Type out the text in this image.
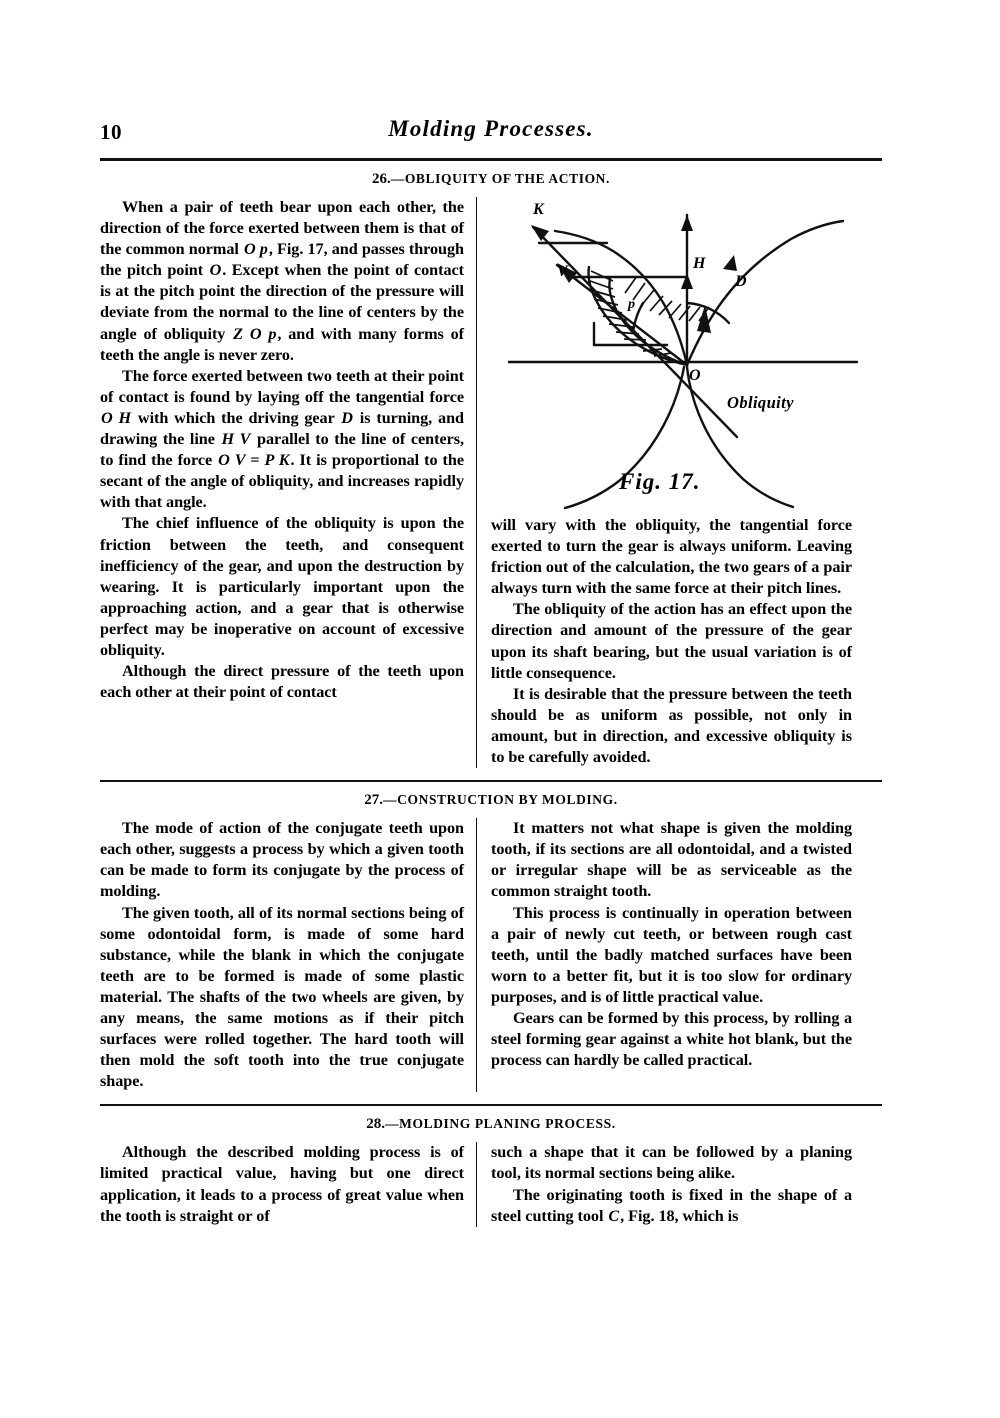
10	Molding Processes.
26.—OBLIQUITY OF THE ACTION.

When a pair of teeth bear upon each other, the direction of the force exerted between them is that of the common normal O p, Fig. 17, and passes through the pitch point O. Except when the point of contact is at the pitch point the direction of the pressure will deviate from the normal to the line of centers by the angle of obliquity Z O p, and with many forms of teeth the angle is never zero.

The force exerted between two teeth at their point of contact is found by laying off the tangential force O H with which the driving gear D is turning, and drawing the line H V parallel to the line of centers, to find the force O V = P K. It is proportional to the secant of the angle of obliquity, and increases rapidly with that angle.

The chief influence of the obliquity is upon the friction between the teeth, and consequent inefficiency of the gear, and upon the destruction by wearing. It is particularly important upon the approaching action, and a gear that is otherwise perfect may be inoperative on account of excessive obliquity.

Although the direct pressure of the teeth upon each other at their point of contact

K
V	H
D
O
p
Obliquity
Fig. 17.

will vary with the obliquity, the tangential force exerted to turn the gear is always uniform. Leaving friction out of the calculation, the two gears of a pair always turn with the same force at their pitch lines.

The obliquity of the action has an effect upon the direction and amount of the pressure of the gear upon its shaft bearing, but the usual variation is of little consequence.

It is desirable that the pressure between the teeth should be as uniform as possible, not only in amount, but in direction, and excessive obliquity is to be carefully avoided.

27.—CONSTRUCTION BY MOLDING.

The mode of action of the conjugate teeth upon each other, suggests a process by which a given tooth can be made to form its conjugate by the process of molding.

The given tooth, all of its normal sections being of some odontoidal form, is made of some hard substance, while the blank in which the conjugate teeth are to be formed is made of some plastic material. The shafts of the two wheels are given, by any means, the same motions as if their pitch surfaces were rolled together. The hard tooth will then mold the soft tooth into the true conjugate shape.

It matters not what shape is given the molding tooth, if its sections are all odontoidal, and a twisted or irregular shape will be as serviceable as the common straight tooth.

This process is continually in operation between a pair of newly cut teeth, or between rough cast teeth, until the badly matched surfaces have been worn to a better fit, but it is too slow for ordinary purposes, and is of little practical value.

Gears can be formed by this process, by rolling a steel forming gear against a white hot blank, but the process can hardly be called practical.

28.—MOLDING PLANING PROCESS.

Although the described molding process is of limited practical value, having but one direct application, it leads to a process of great value when the tooth is straight or of

such a shape that it can be followed by a planing tool, its normal sections being alike.

The originating tooth is fixed in the shape of a steel cutting tool C, Fig. 18, which is
